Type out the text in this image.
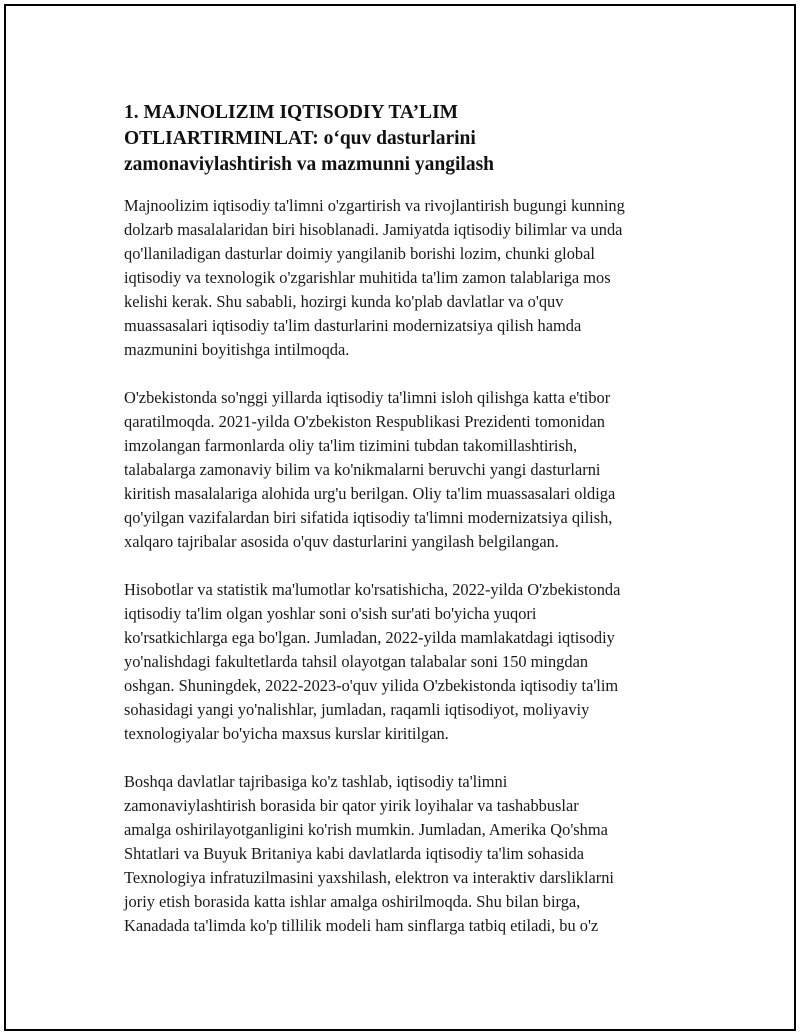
1. MAJNOLIZIM IQTISODIY TA’LIM
OTLIARTIRMINLAT: o‘quv dasturlarini
zamonaviylashtirish va mazmunni yangilash

Majnoolizim iqtisodiy ta'limni o'zgartirish va rivojlantirish bugungi kunning
dolzarb masalalaridan biri hisoblanadi. Jamiyatda iqtisodiy bilimlar va unda
qo'llaniladigan dasturlar doimiy yangilanib borishi lozim, chunki global
iqtisodiy va texnologik o'zgarishlar muhitida ta'lim zamon talablariga mos
kelishi kerak. Shu sababli, hozirgi kunda ko'plab davlatlar va o'quv
muassasalari iqtisodiy ta'lim dasturlarini modernizatsiya qilish hamda
mazmunini boyitishga intilmoqda.

O'zbekistonda so'nggi yillarda iqtisodiy ta'limni isloh qilishga katta e'tibor
qaratilmoqda. 2021-yilda O'zbekiston Respublikasi Prezidenti tomonidan
imzolangan farmonlarda oliy ta'lim tizimini tubdan takomillashtirish,
talabalarga zamonaviy bilim va ko'nikmalarni beruvchi yangi dasturlarni
kiritish masalalariga alohida urg'u berilgan. Oliy ta'lim muassasalari oldiga
qo'yilgan vazifalardan biri sifatida iqtisodiy ta'limni modernizatsiya qilish,
xalqaro tajribalar asosida o'quv dasturlarini yangilash belgilangan.

Hisobotlar va statistik ma'lumotlar ko'rsatishicha, 2022-yilda O'zbekistonda
iqtisodiy ta'lim olgan yoshlar soni o'sish sur'ati bo'yicha yuqori
ko'rsatkichlarga ega bo'lgan. Jumladan, 2022-yilda mamlakatdagi iqtisodiy
yo'nalishdagi fakultetlarda tahsil olayotgan talabalar soni 150 mingdan
oshgan. Shuningdek, 2022-2023-o'quv yilida O'zbekistonda iqtisodiy ta'lim
sohasidagi yangi yo'nalishlar, jumladan, raqamli iqtisodiyot, moliyaviy
texnologiyalar bo'yicha maxsus kurslar kiritilgan.

Boshqa davlatlar tajribasiga ko'z tashlab, iqtisodiy ta'limni
zamonaviylashtirish borasida bir qator yirik loyihalar va tashabbuslar
amalga oshirilayotganligini ko'rish mumkin. Jumladan, Amerika Qo'shma
Shtatlari va Buyuk Britaniya kabi davlatlarda iqtisodiy ta'lim sohasida
Texnologiya infratuzilmasini yaxshilash, elektron va interaktiv darsliklarni
joriy etish borasida katta ishlar amalga oshirilmoqda. Shu bilan birga,
Kanadada ta'limda ko'p tillilik modeli ham sinflarga tatbiq etiladi, bu o'z
